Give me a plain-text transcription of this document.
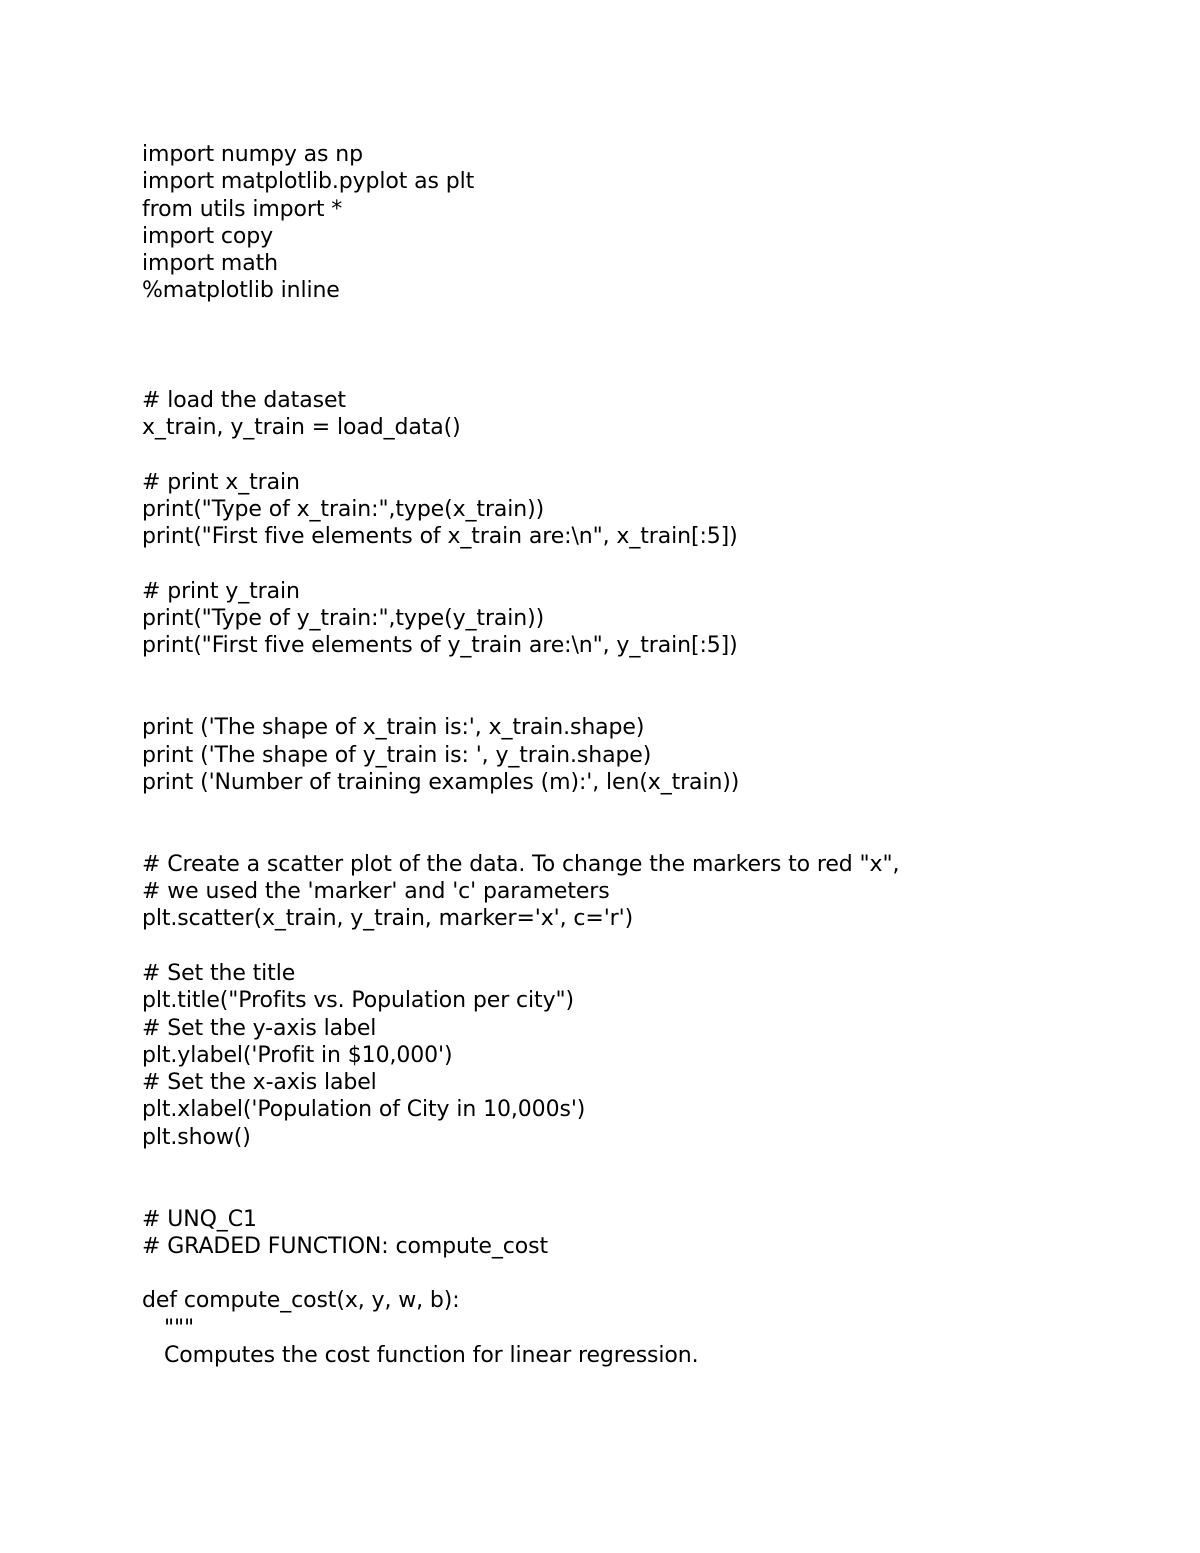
import numpy as np
import matplotlib.pyplot as plt
from utils import *
import copy
import math
%matplotlib inline
# load the dataset
x_train, y_train = load_data()
# print x_train
print("Type of x_train:",type(x_train))
print("First five elements of x_train are:\n", x_train[:5])
# print y_train
print("Type of y_train:",type(y_train))
print("First five elements of y_train are:\n", y_train[:5])
print ('The shape of x_train is:', x_train.shape)
print ('The shape of y_train is: ', y_train.shape)
print ('Number of training examples (m):', len(x_train))
# Create a scatter plot of the data. To change the markers to red "x",
# we used the 'marker' and 'c' parameters
plt.scatter(x_train, y_train, marker='x', c='r')
# Set the title
plt.title("Profits vs. Population per city")
# Set the y-axis label
plt.ylabel('Profit in $10,000')
# Set the x-axis label
plt.xlabel('Population of City in 10,000s')
plt.show()
# UNQ_C1
# GRADED FUNCTION: compute_cost
def compute_cost(x, y, w, b):
"""
Computes the cost function for linear regression.
